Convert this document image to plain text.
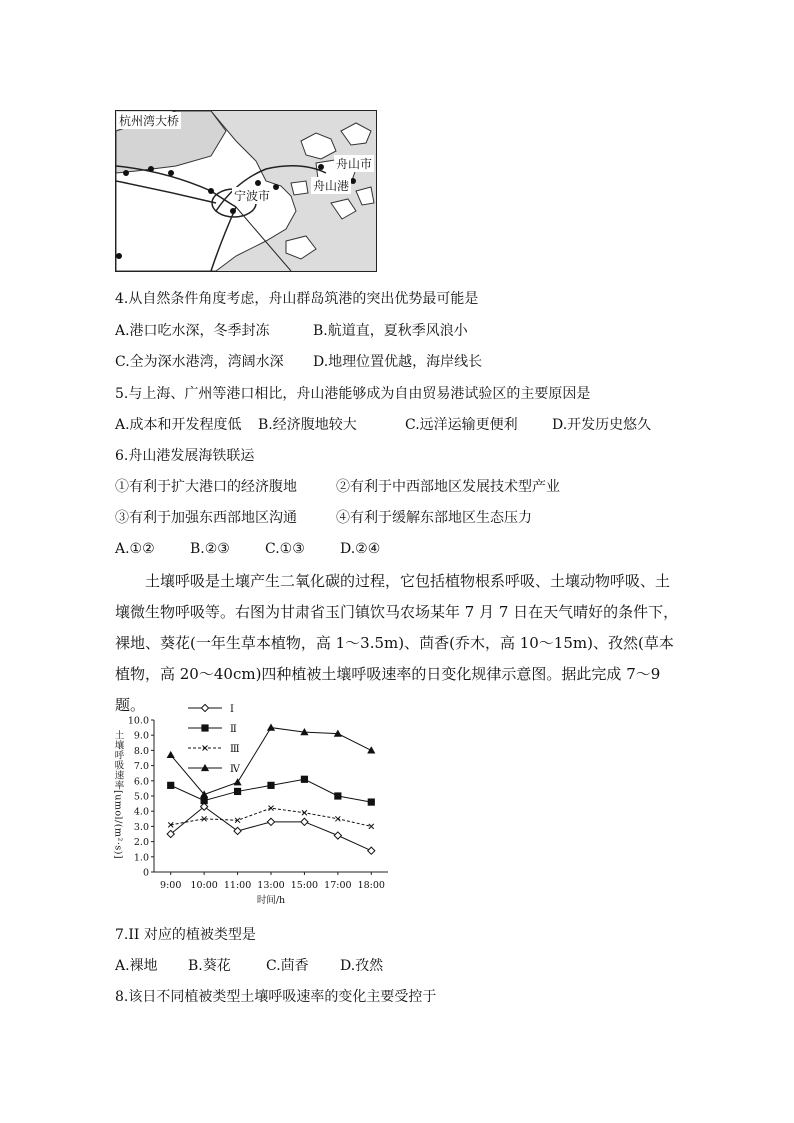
杭州湾大桥
舟山市
舟山港
宁波市
4.从自然条件角度考虑，舟山群岛筑港的突出优势最可能是
A.港口吃水深，冬季封冻	B.航道直，夏秋季风浪小
C.全为深水港湾，湾阔水深 D.地理位置优越，海岸线长
5.与上海、广州等港口相比，舟山港能够成为自由贸易港试验区的主要原因是
A.成本和开发程度低 B.经济腹地较大	C.远洋运输更便利 D.开发历史悠久
6.舟山港发展海铁联运
①有利于扩大港口的经济腹地	②有利于中西部地区发展技术型产业
③有利于加强东西部地区沟通	④有利于缓解东部地区生态压力
A.①②	B.②③	C.①③	D.②④
土壤呼吸是土壤产生二氧化碳的过程，它包括植物根系呼吸、土壤动物呼吸、土壤微生物呼吸等。右图为甘肃省玉门镇饮马农场某年 7 月 7 日在天气晴好的条件下，裸地、葵花(一年生草本植物，高 1～3.5m)、茴香(乔木，高 10～15m)、孜然(草本植物，高 20～40cm)四种植被土壤呼吸速率的日变化规律示意图。据此完成 7～9 题。
0
1.0
2.0
3.0
4.0
5.0
6.0
7.0
8.0
9.0
10.0
9:00 10:00 11:00 13:00 15:00 17:00 18:00
时间/h
土壤呼吸速率[umol/(m²·s)]
Ⅰ
Ⅱ
Ⅲ
Ⅳ
7.II 对应的植被类型是
A.裸地 B.葵花	C.茴香 D.孜然
8.该日不同植被类型土壤呼吸速率的变化主要受控于
